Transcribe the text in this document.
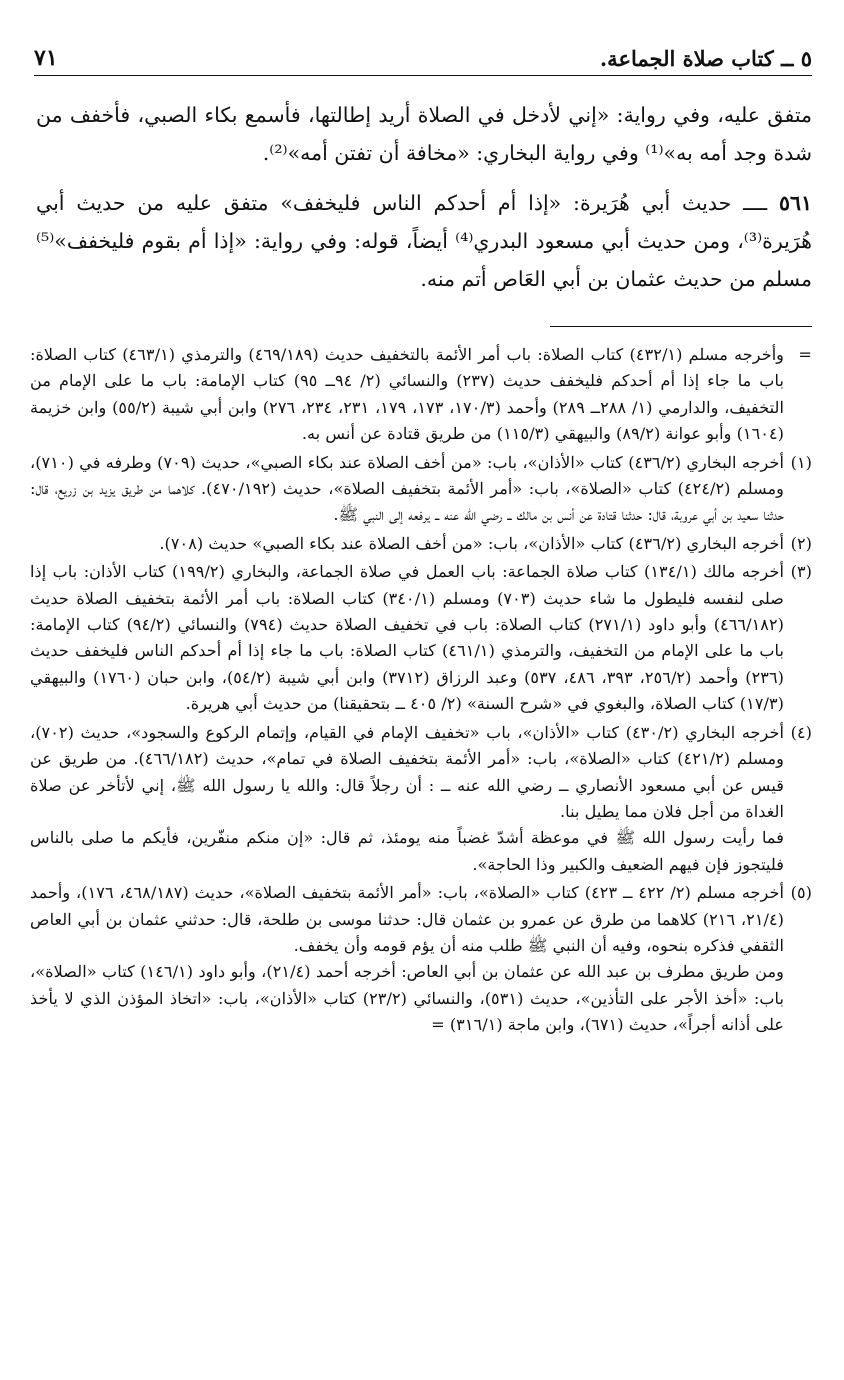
٥ ــ كتاب صلاة الجماعة.
٧١

متفق عليه، وفي رواية: «إني لأدخل في الصلاة أريد إطالتها، فأسمع بكاء الصبي، فأخفف من شدة وجد أمه به»⁽¹⁾ وفي رواية البخاري: «مخافة أن تفتن أمه»⁽²⁾.

٥٦١ ــــ حديث أبي هُرَيرة: «إذا أم أحدكم الناس فليخفف» متفق عليه من حديث أبي هُرَيرة⁽³⁾، ومن حديث أبي مسعود البدري⁽⁴⁾ أيضاً، قوله: وفي رواية: «إذا أم بقوم فليخفف»⁽⁵⁾ مسلم من حديث عثمان بن أبي العَاص أتم منه.

=

وأخرجه مسلم (٤٣٢/١) كتاب الصلاة: باب أمر الأئمة بالتخفيف حديث (٤٦٩/١٨٩) والترمذي (٤٦٣/١) كتاب الصلاة: باب ما جاء إذا أم أحدكم فليخفف حديث (٢٣٧) والنسائي (٢/ ٩٤ــ ٩٥) كتاب الإمامة: باب ما على الإمام من التخفيف، والدارمي (١/ ٢٨٨ــ ٢٨٩) وأحمد (١٧٠/٣، ١٧٣، ١٧٩، ٢٣١، ٢٣٤، ٢٧٦) وابن أبي شيبة (٥٥/٢) وابن خزيمة (١٦٠٤) وأبو عوانة (٨٩/٢) والبيهقي (١١٥/٣) من طريق قتادة عن أنس به.

(١)

أخرجه البخاري (٤٣٦/٢) كتاب «الأذان»، باب: «من أخف الصلاة عند بكاء الصبي»، حديث (٧٠٩) وطرفه في (٧١٠)، ومسلم (٤٢٤/٢) كتاب «الصلاة»، باب: «أمر الأئمة بتخفيف الصلاة»، حديث (٤٧٠/١٩٢). كلاهما من طريق يزيد بن زريع، قال: حدثنا سعيد بن أبي عروبة، قال: حدثنا قتادة عن أنس بن مالك ــ رضي الله عنه ــ يرفعه إلى النبي ﷺ.

(٢)

أخرجه البخاري (٤٣٦/٢) كتاب «الأذان»، باب: «من أخف الصلاة عند بكاء الصبي» حديث (٧٠٨).

(٣)

أخرجه مالك (١٣٤/١) كتاب صلاة الجماعة: باب العمل في صلاة الجماعة، والبخاري (١٩٩/٢) كتاب الأذان: باب إذا صلى لنفسه فليطول ما شاء حديث (٧٠٣) ومسلم (٣٤٠/١) كتاب الصلاة: باب أمر الأئمة بتخفيف الصلاة حديث (٤٦٦/١٨٢) وأبو داود (٢٧١/١) كتاب الصلاة: باب في تخفيف الصلاة حديث (٧٩٤) والنسائي (٩٤/٢) كتاب الإمامة: باب ما على الإمام من التخفيف، والترمذي (٤٦١/١) كتاب الصلاة: باب ما جاء إذا أم أحدكم الناس فليخفف حديث (٢٣٦) وأحمد (٢٥٦/٢، ٣٩٣، ٤٨٦، ٥٣٧) وعبد الرزاق (٣٧١٢) وابن أبي شيبة (٥٤/٢)، وابن حبان (١٧٦٠) والبيهقي (١٧/٣) كتاب الصلاة، والبغوي في «شرح السنة» (٢/ ٤٠٥ ــ بتحقيقنا) من حديث أبي هريرة.

(٤)

أخرجه البخاري (٤٣٠/٢) كتاب «الأذان»، باب «تخفيف الإمام في القيام، وإتمام الركوع والسجود»، حديث (٧٠٢)، ومسلم (٤٢١/٢) كتاب «الصلاة»، باب: «أمر الأئمة بتخفيف الصلاة في تمام»، حديث (٤٦٦/١٨٢). من طريق عن قيس عن أبي مسعود الأنصاري ــ رضي الله عنه ــ : أن رجلاً قال: والله يا رسول الله ﷺ، إني لأتأخر عن صلاة الغداة من أجل فلان مما يطيل بنا.

فما رأيت رسول الله ﷺ في موعظة أشدّ غضباً منه يومئذ، ثم قال: «إن منكم منفّرين، فأيكم ما صلى بالناس فليتجوز فإن فيهم الضعيف والكبير وذا الحاجة».

(٥)

أخرجه مسلم (٢/ ٤٢٢ ــ ٤٢٣) كتاب «الصلاة»، باب: «أمر الأئمة بتخفيف الصلاة»، حديث (٤٦٨/١٨٧، ١٧٦)، وأحمد (٢١/٤، ٢١٦) كلاهما من طرق عن عمرو بن عثمان قال: حدثنا موسى بن طلحة، قال: حدثني عثمان بن أبي العاص الثقفي فذكره بنحوه، وفيه أن النبي ﷺ طلب منه أن يؤم قومه وأن يخفف.

ومن طريق مطرف بن عبد الله عن عثمان بن أبي العاص: أخرجه أحمد (٢١/٤)، وأبو داود (١٤٦/١) كتاب «الصلاة»، باب: «أخذ الأجر على التأذين»، حديث (٥٣١)، والنسائي (٢٣/٢) كتاب «الأذان»، باب: «اتخاذ المؤذن الذي لا يأخذ على أذانه أجراً»، حديث (٦٧١)، وابن ماجة (٣١٦/١) =
